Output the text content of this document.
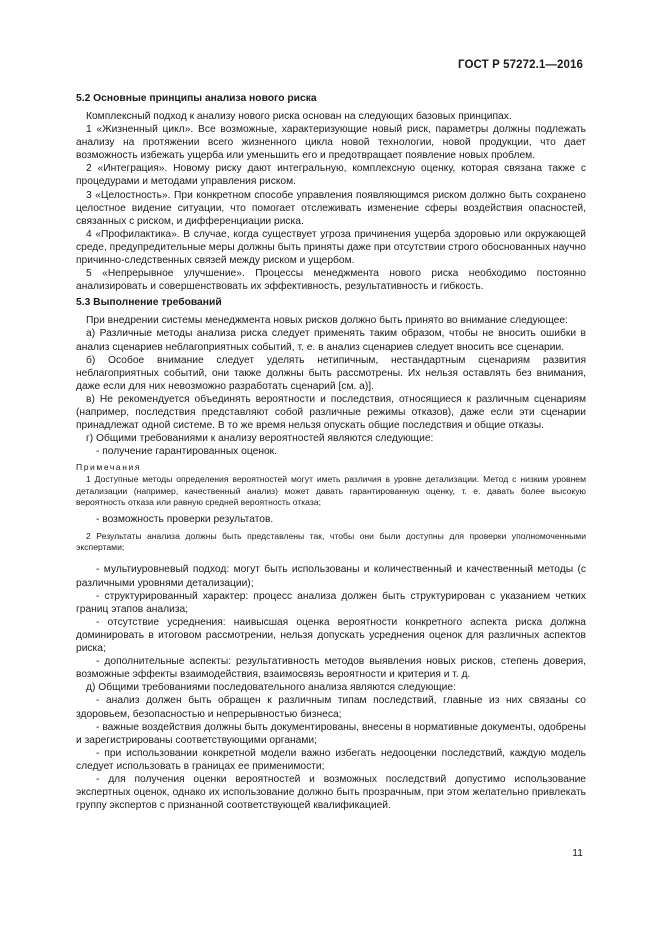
ГОСТ Р 57272.1—2016
5.2 Основные принципы анализа нового риска

Комплексный подход к анализу нового риска основан на следующих базовых принципах.

1 «Жизненный цикл». Все возможные, характеризующие новый риск, параметры должны подлежать анализу на протяжении всего жизненного цикла новой технологии, новой продукции, что дает возможность избежать ущерба или уменьшить его и предотвращает появление новых проблем.

2 «Интеграция». Новому риску дают интегральную, комплексную оценку, которая связана также с процедурами и методами управления риском.

3 «Целостность». При конкретном способе управления появляющимся риском должно быть сохранено целостное видение ситуации, что помогает отслеживать изменение сферы воздействия опасностей, связанных с риском, и дифференциации риска.

4 «Профилактика». В случае, когда существует угроза причинения ущерба здоровью или окружающей среде, предупредительные меры должны быть приняты даже при отсутствии строго обоснованных научно причинно-следственных связей между риском и ущербом.

5 «Непрерывное улучшение». Процессы менеджмента нового риска необходимо постоянно анализировать и совершенствовать их эффективность, результативность и гибкость.

5.3 Выполнение требований

При внедрении системы менеджмента новых рисков должно быть принято во внимание следующее:

а) Различные методы анализа риска следует применять таким образом, чтобы не вносить ошибки в анализ сценариев неблагоприятных событий, т. е. в анализ сценариев следует вносить все сценарии.

б) Особое внимание следует уделять нетипичным, нестандартным сценариям развития неблагоприятных событий, они также должны быть рассмотрены. Их нельзя оставлять без внимания, даже если для них невозможно разработать сценарий [см. а)].

в) Не рекомендуется объединять вероятности и последствия, относящиеся к различным сценариям (например, последствия представляют собой различные режимы отказов), даже если эти сценарии принадлежат одной системе. В то же время нельзя опускать общие последствия и общие отказы.

г) Общими требованиями к анализу вероятностей являются следующие:

- получение гарантированных оценок.

Примечания

1 Доступные методы определения вероятностей могут иметь различия в уровне детализации. Метод с низким уровнем детализации (например, качественный анализ) может давать гарантированную оценку, т. е. давать более высокую вероятность отказа или равную средней вероятность отказа;

- возможность проверки результатов.

2 Результаты анализа должны быть представлены так, чтобы они были доступны для проверки уполномоченными экспертами;

- мультиуровневый подход: могут быть использованы и количественный и качественный методы (с различными уровнями детализации);

- структурированный характер: процесс анализа должен быть структурирован с указанием четких границ этапов анализа;

- отсутствие усреднения: наивысшая оценка вероятности конкретного аспекта риска должна доминировать в итоговом рассмотрении, нельзя допускать усреднения оценок для различных аспектов риска;

- дополнительные аспекты: результативность методов выявления новых рисков, степень доверия, возможные эффекты взаимодействия, взаимосвязь вероятности и критерия и т. д.

д) Общими требованиями последовательного анализа являются следующие:

- анализ должен быть обращен к различным типам последствий, главные из них связаны со здоровьем, безопасностью и непрерывностью бизнеса;

- важные воздействия должны быть документированы, внесены в нормативные документы, одобрены и зарегистрированы соответствующими органами;

- при использовании конкретной модели важно избегать недооценки последствий, каждую модель следует использовать в границах ее применимости;

- для получения оценки вероятностей и возможных последствий допустимо использование экспертных оценок, однако их использование должно быть прозрачным, при этом желательно привлекать группу экспертов с признанной соответствующей квалификацией.

11
